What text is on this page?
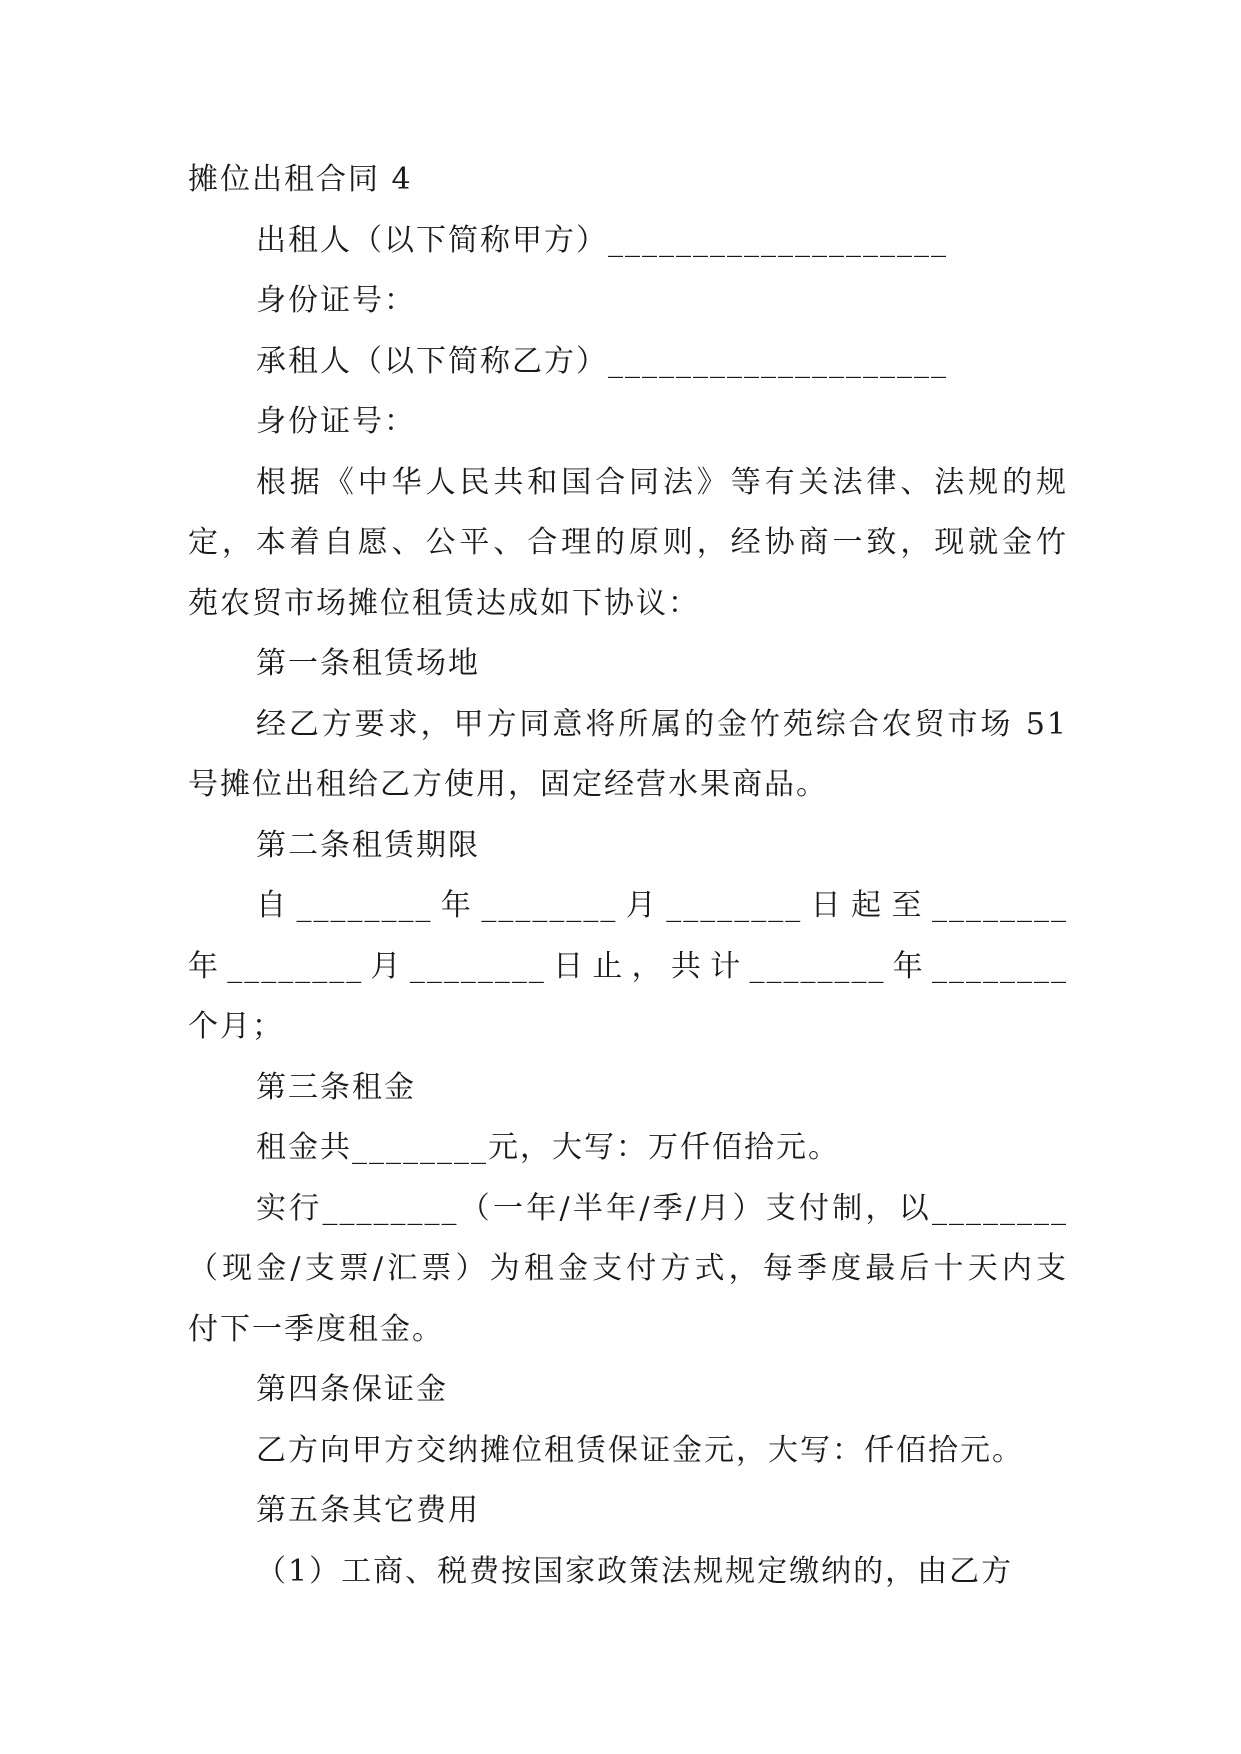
摊位出租合同 4
出租人（以下简称甲方）____________________
身份证号：
承租人（以下简称乙方）____________________
身份证号：
根据《中华人民共和国合同法》等有关法律、法规的规
定，本着自愿、公平、合理的原则，经协商一致，现就金竹
苑农贸市场摊位租赁达成如下协议：
第一条租赁场地
经乙方要求，甲方同意将所属的金竹苑综合农贸市场 51
号摊位出租给乙方使用，固定经营水果商品。
第二条租赁期限
自________年________月________日起至________
年________月________日止，共计________年________
个月；
第三条租金
租金共________元，大写：万仟佰拾元。
实行________（一年/半年/季/月）支付制，以________
（现金/支票/汇票）为租金支付方式，每季度最后十天内支
付下一季度租金。
第四条保证金
乙方向甲方交纳摊位租赁保证金元，大写：仟佰拾元。
第五条其它费用
（1）工商、税费按国家政策法规规定缴纳的，由乙方
